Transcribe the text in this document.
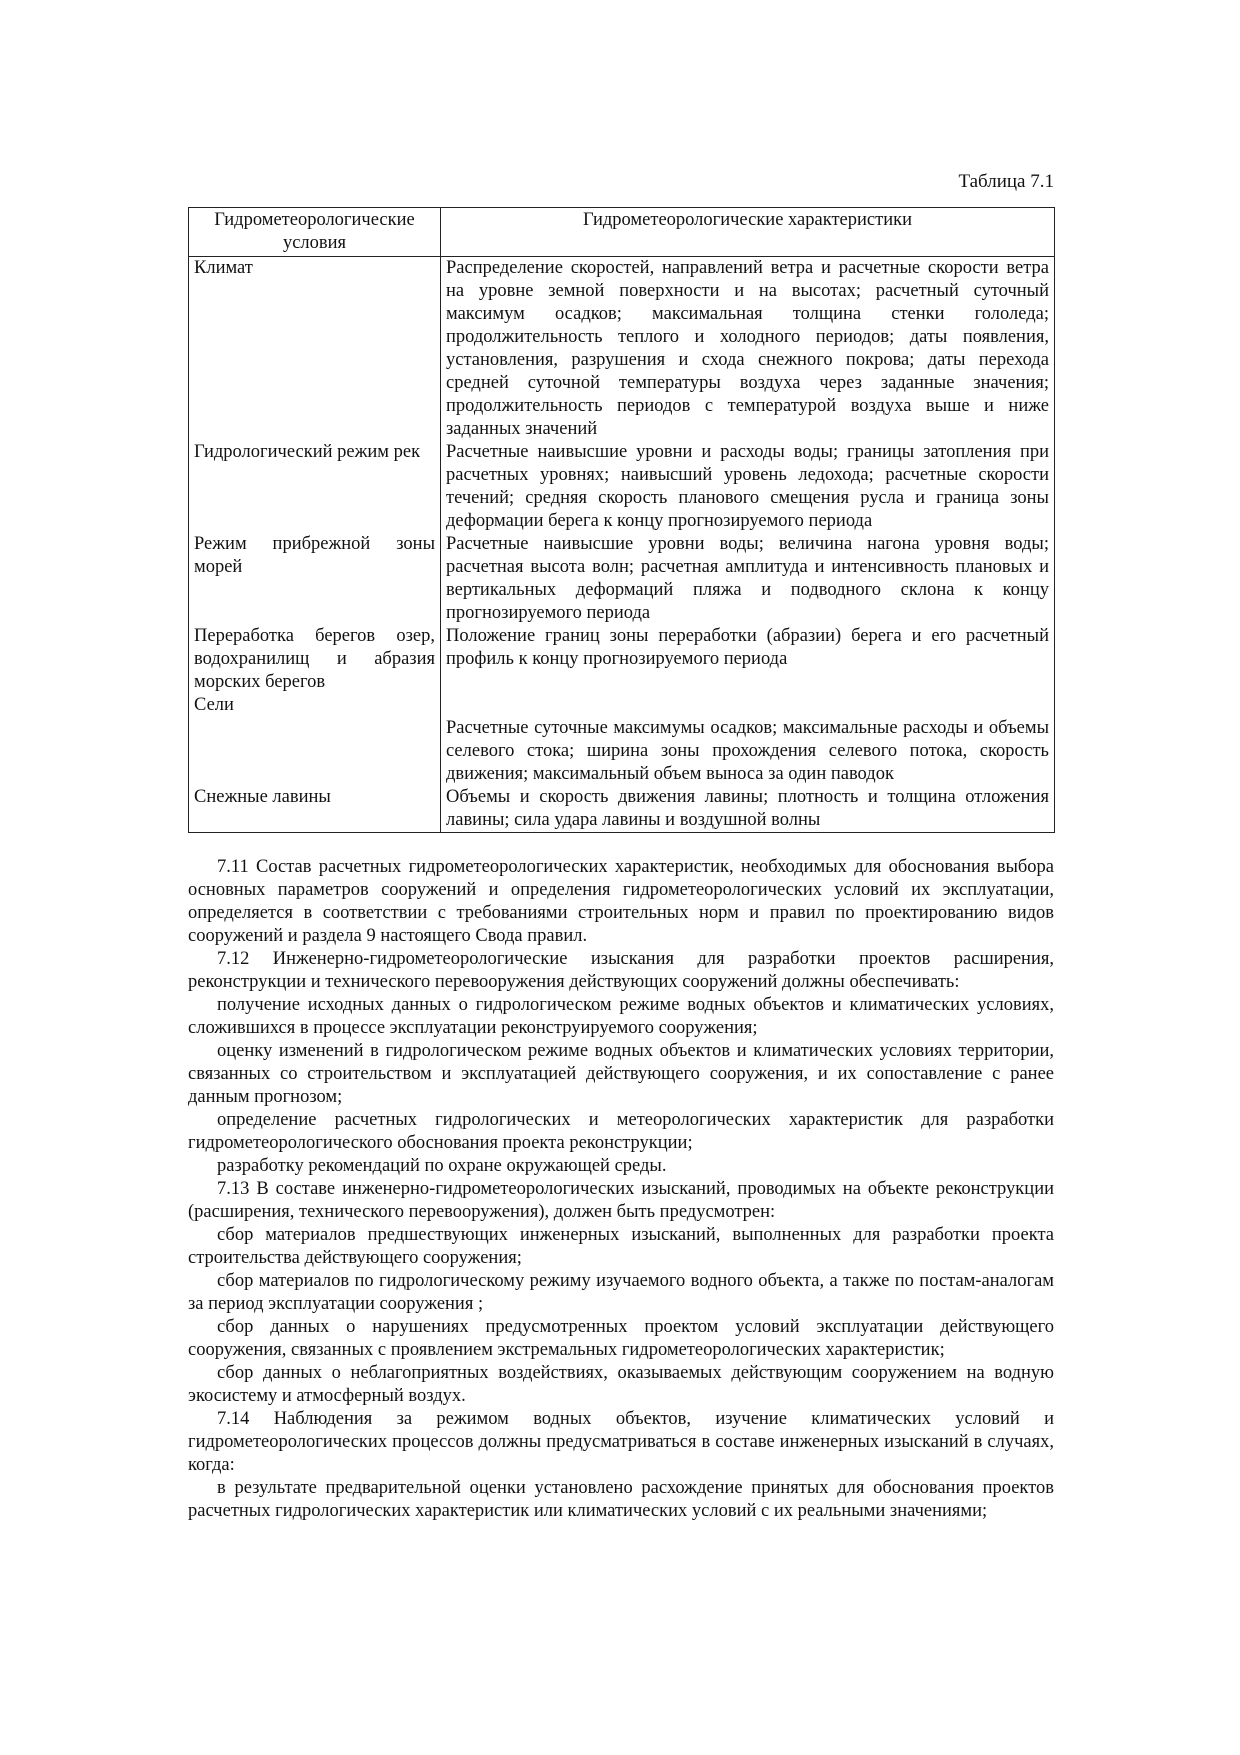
Таблица 7.1
Гидрометеорологические условия	Гидрометеорологические характеристики
Климат	Распределение скоростей, направлений ветра и расчетные скорости ветра на уровне земной поверхности и на высотах; расчетный суточный максимум осадков; максимальная толщина стенки гололеда; продолжительность теплого и холодного периодов; даты появления, установления, разрушения и схода снежного покрова; даты перехода средней суточной температуры воздуха через заданные значения; продолжительность периодов с температурой воздуха выше и ниже заданных значений
Гидрологический режим рек	Расчетные наивысшие уровни и расходы воды; границы затопления при расчетных уровнях; наивысший уровень ледохода; расчетные скорости течений; средняя скорость планового смещения русла и граница зоны деформации берега к концу прогнозируемого периода
Режим прибрежной зоны морей	Расчетные наивысшие уровни воды; величина нагона уровня воды; расчетная высота волн; расчетная амплитуда и интенсивность плановых и вертикальных деформаций пляжа и подводного склона к концу прогнозируемого периода
Переработка берегов озер, водохранилищ и абразия морских берегов	Положение границ зоны переработки (абразии) берега и его расчетный профиль к концу прогнозируемого периода
Сели	Расчетные суточные максимумы осадков; максимальные расходы и объемы селевого стока; ширина зоны прохождения селевого потока, скорость движения; максимальный объем выноса за один паводок
Снежные лавины	Объемы и скорость движения лавины; плотность и толщина отложения лавины; сила удара лавины и воздушной волны

7.11 Состав расчетных гидрометеорологических характеристик, необходимых для обоснования выбора основных параметров сооружений и определения гидрометеорологических условий их эксплуатации, определяется в соответствии с требованиями строительных норм и правил по проектированию видов сооружений и раздела 9 настоящего Свода правил.

7.12 Инженерно-гидрометеорологические изыскания для разработки проектов расширения, реконструкции и технического перевооружения действующих сооружений должны обеспечивать:

получение исходных данных о гидрологическом режиме водных объектов и климатических условиях, сложившихся в процессе эксплуатации реконструируемого сооружения;

оценку изменений в гидрологическом режиме водных объектов и климатических условиях территории, связанных со строительством и эксплуатацией действующего сооружения, и их сопоставление с ранее данным прогнозом;

определение расчетных гидрологических и метеорологических характеристик для разработки гидрометеорологического обоснования проекта реконструкции;

разработку рекомендаций по охране окружающей среды.

7.13 В составе инженерно-гидрометеорологических изысканий, проводимых на объекте реконструкции (расширения, технического перевооружения), должен быть предусмотрен:

сбор материалов предшествующих инженерных изысканий, выполненных для разработки проекта строительства действующего сооружения;

сбор материалов по гидрологическому режиму изучаемого водного объекта, а также по постам-аналогам за период эксплуатации сооружения ;

сбор данных о нарушениях предусмотренных проектом условий эксплуатации действующего сооружения, связанных с проявлением экстремальных гидрометеорологических характеристик;

сбор данных о неблагоприятных воздействиях, оказываемых действующим сооружением на водную экосистему и атмосферный воздух.

7.14 Наблюдения за режимом водных объектов, изучение климатических условий и гидрометеорологических процессов должны предусматриваться в составе инженерных изысканий в случаях, когда:

в результате предварительной оценки установлено расхождение принятых для обоснования проектов расчетных гидрологических характеристик или климатических условий с их реальными значениями;
